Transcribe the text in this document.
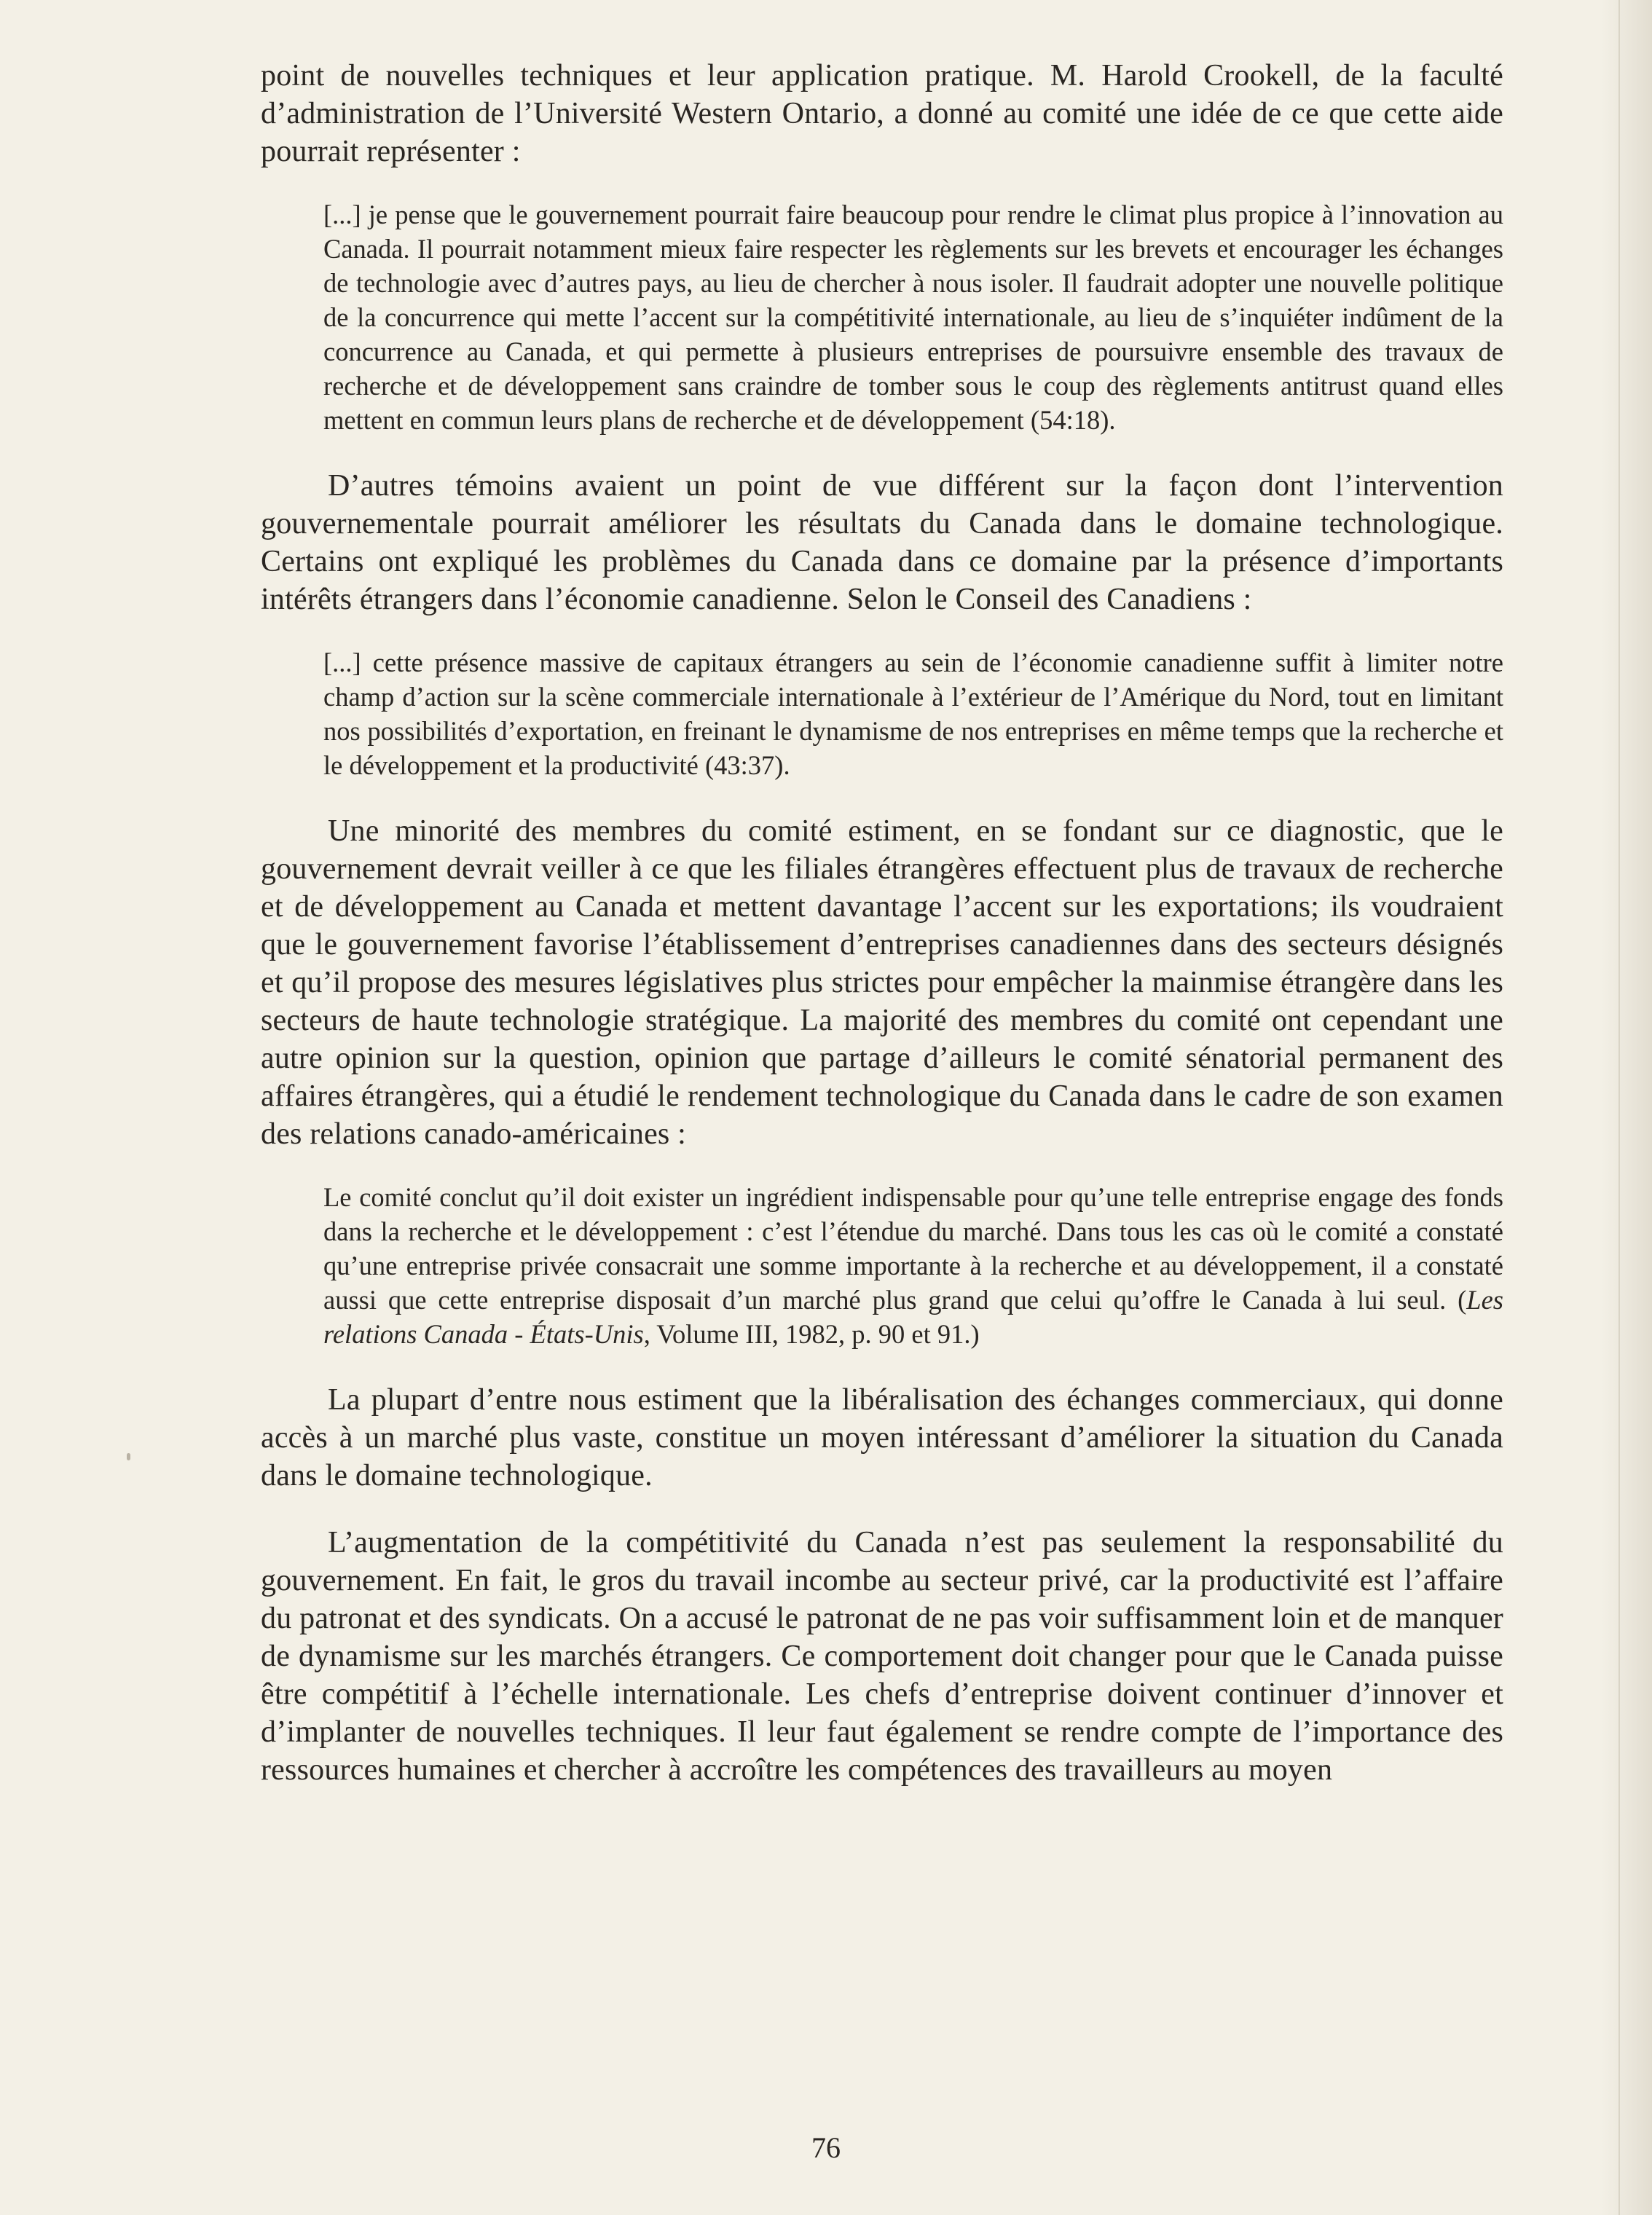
point de nouvelles techniques et leur application pratique. M. Harold Crookell, de la faculté d’administration de l’Université Western Ontario, a donné au comité une idée de ce que cette aide pourrait représenter :

[...] je pense que le gouvernement pourrait faire beaucoup pour rendre le climat plus propice à l’innovation au Canada. Il pourrait notamment mieux faire respecter les règlements sur les brevets et encourager les échanges de technologie avec d’autres pays, au lieu de chercher à nous isoler. Il faudrait adopter une nouvelle politique de la concurrence qui mette l’accent sur la compétitivité internationale, au lieu de s’inquiéter indûment de la concurrence au Canada, et qui permette à plusieurs entreprises de poursuivre ensemble des travaux de recherche et de développement sans craindre de tomber sous le coup des règlements antitrust quand elles mettent en commun leurs plans de recherche et de développement (54:18).

D’autres témoins avaient un point de vue différent sur la façon dont l’intervention gouvernementale pourrait améliorer les résultats du Canada dans le domaine technologique. Certains ont expliqué les problèmes du Canada dans ce domaine par la présence d’importants intérêts étrangers dans l’économie canadienne. Selon le Conseil des Canadiens :

[...] cette présence massive de capitaux étrangers au sein de l’économie canadienne suffit à limiter notre champ d’action sur la scène commerciale internationale à l’extérieur de l’Amérique du Nord, tout en limitant nos possibilités d’exportation, en freinant le dynamisme de nos entreprises en même temps que la recherche et le développement et la productivité (43:37).

Une minorité des membres du comité estiment, en se fondant sur ce diagnostic, que le gouvernement devrait veiller à ce que les filiales étrangères effectuent plus de travaux de recherche et de développement au Canada et mettent davantage l’accent sur les exportations; ils voudraient que le gouvernement favorise l’établissement d’entreprises canadiennes dans des secteurs désignés et qu’il propose des mesures législatives plus strictes pour empêcher la mainmise étrangère dans les secteurs de haute technologie stratégique. La majorité des membres du comité ont cependant une autre opinion sur la question, opinion que partage d’ailleurs le comité sénatorial permanent des affaires étrangères, qui a étudié le rendement technologique du Canada dans le cadre de son examen des relations canado-américaines :

Le comité conclut qu’il doit exister un ingrédient indispensable pour qu’une telle entreprise engage des fonds dans la recherche et le développement : c’est l’étendue du marché. Dans tous les cas où le comité a constaté qu’une entreprise privée consacrait une somme importante à la recherche et au développement, il a constaté aussi que cette entreprise disposait d’un marché plus grand que celui qu’offre le Canada à lui seul. (Les relations Canada - États-Unis, Volume III, 1982, p. 90 et 91.)

La plupart d’entre nous estiment que la libéralisation des échanges commerciaux, qui donne accès à un marché plus vaste, constitue un moyen intéressant d’améliorer la situation du Canada dans le domaine technologique.

L’augmentation de la compétitivité du Canada n’est pas seulement la responsabilité du gouvernement. En fait, le gros du travail incombe au secteur privé, car la productivité est l’affaire du patronat et des syndicats. On a accusé le patronat de ne pas voir suffisamment loin et de manquer de dynamisme sur les marchés étrangers. Ce comportement doit changer pour que le Canada puisse être compétitif à l’échelle internationale. Les chefs d’entreprise doivent continuer d’innover et d’implanter de nouvelles techniques. Il leur faut également se rendre compte de l’importance des ressources humaines et chercher à accroître les compétences des travailleurs au moyen

76
